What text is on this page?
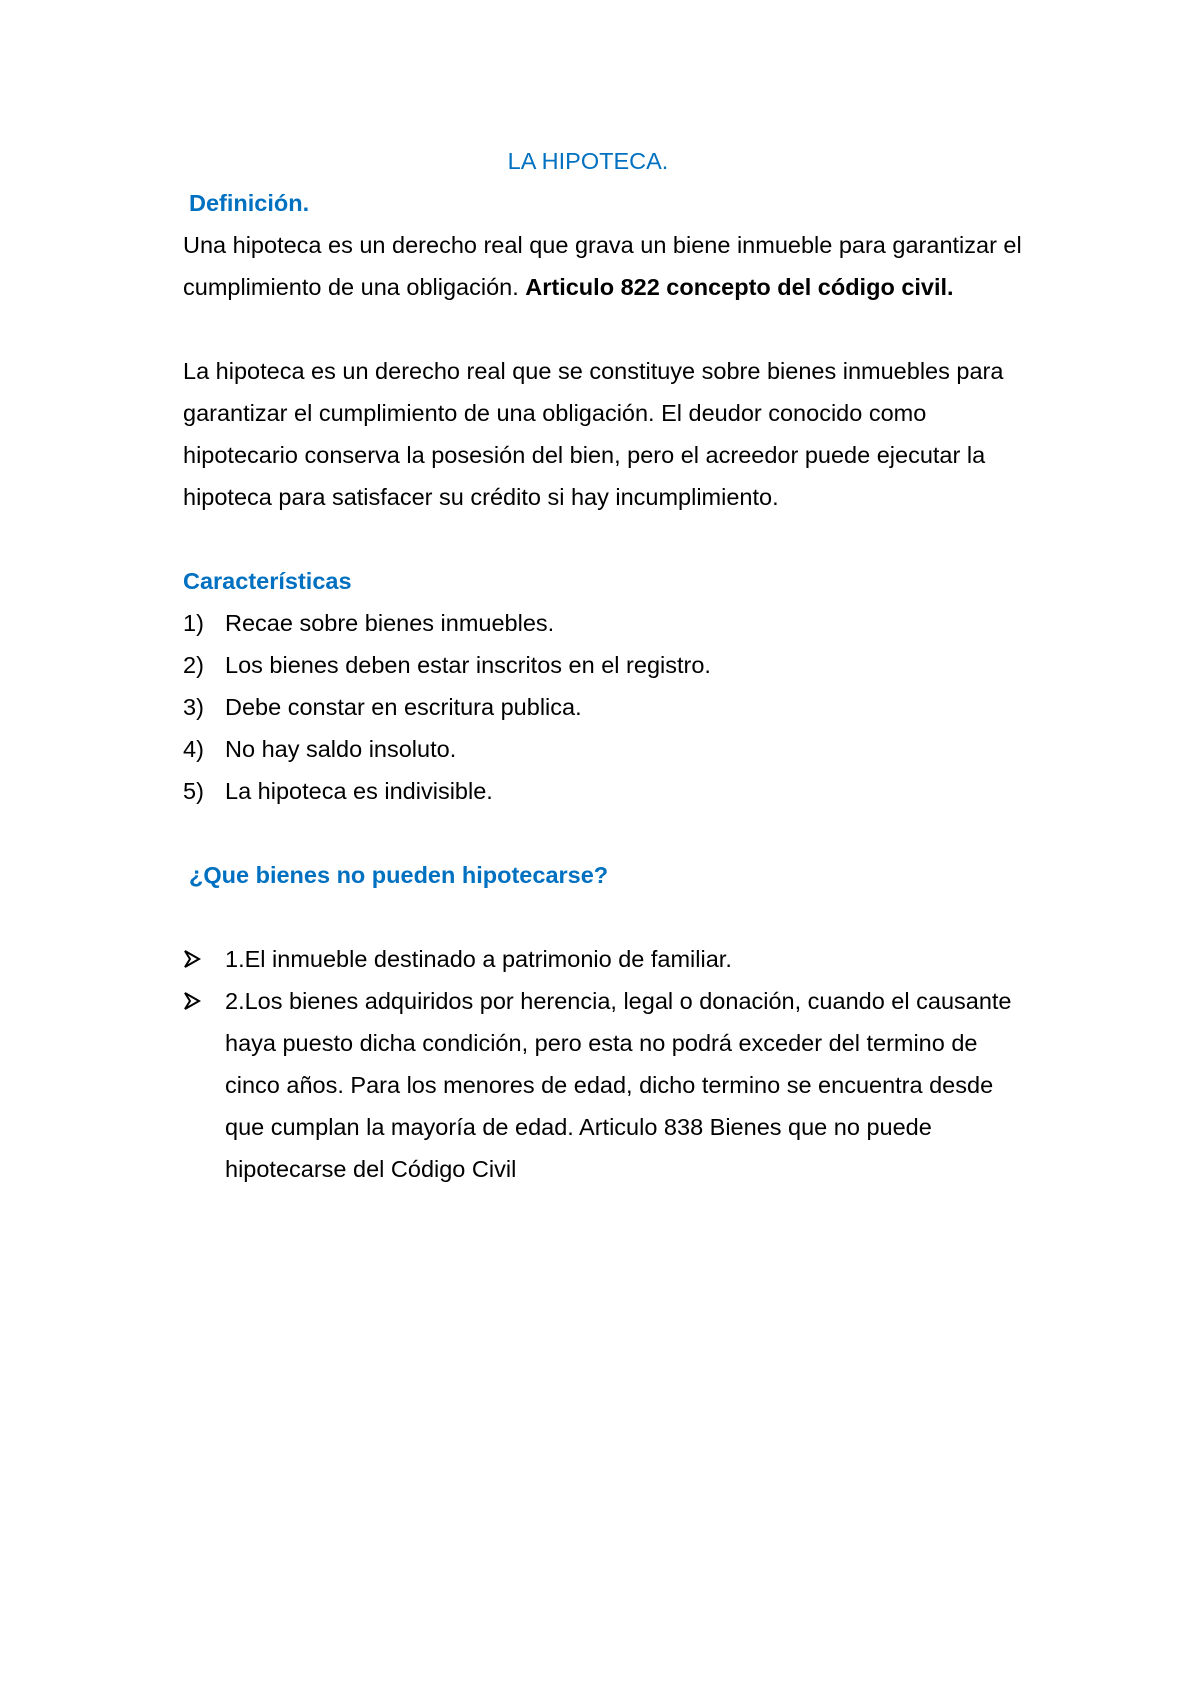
LA HIPOTECA.
Definición.

Una hipoteca es un derecho real que grava un biene inmueble para garantizar el cumplimiento de una obligación. Articulo 822 concepto del código civil.

La hipoteca es un derecho real que se constituye sobre bienes inmuebles para garantizar el cumplimiento de una obligación. El deudor conocido como hipotecario conserva la posesión del bien, pero el acreedor puede ejecutar la hipoteca para satisfacer su crédito si hay incumplimiento.

Características
1) Recae sobre bienes inmuebles.
2) Los bienes deben estar inscritos en el registro.
3) Debe constar en escritura publica.
4) No hay saldo insoluto.
5) La hipoteca es indivisible.
¿Que bienes no pueden hipotecarse?
1.El inmueble destinado a patrimonio de familiar.
2.Los bienes adquiridos por herencia, legal o donación, cuando el causante haya puesto dicha condición, pero esta no podrá exceder del termino de cinco años. Para los menores de edad, dicho termino se encuentra desde que cumplan la mayoría de edad. Articulo 838 Bienes que no puede hipotecarse del Código Civil
